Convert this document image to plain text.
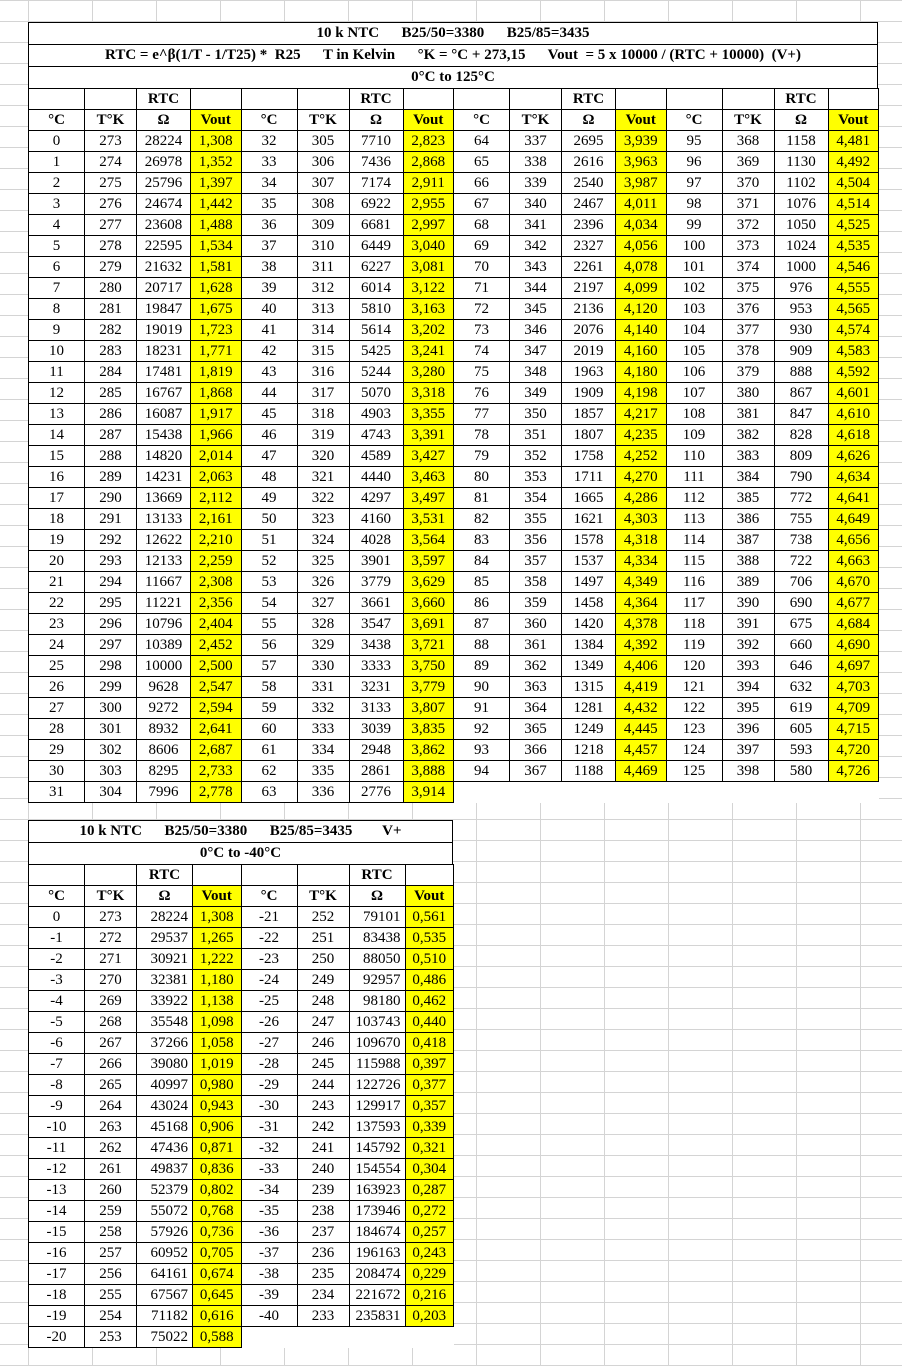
10 k NTC      B25/50=3380      B25/85=3435
RTC = e^β(1/T - 1/T25) *  R25      T in Kelvin      °K = °C + 273,15      Vout  = 5 x 10000 / (RTC + 10000)  (V+)
0°C to 125°C
		RTC				RTC				RTC				RTC	
°C	T°K	Ω	Vout	°C	T°K	Ω	Vout	°C	T°K	Ω	Vout	°C	T°K	Ω	Vout
0	273	28224	1,308	32	305	7710	2,823	64	337	2695	3,939	95	368	1158	4,481
1	274	26978	1,352	33	306	7436	2,868	65	338	2616	3,963	96	369	1130	4,492
2	275	25796	1,397	34	307	7174	2,911	66	339	2540	3,987	97	370	1102	4,504
3	276	24674	1,442	35	308	6922	2,955	67	340	2467	4,011	98	371	1076	4,514
4	277	23608	1,488	36	309	6681	2,997	68	341	2396	4,034	99	372	1050	4,525
5	278	22595	1,534	37	310	6449	3,040	69	342	2327	4,056	100	373	1024	4,535
6	279	21632	1,581	38	311	6227	3,081	70	343	2261	4,078	101	374	1000	4,546
7	280	20717	1,628	39	312	6014	3,122	71	344	2197	4,099	102	375	976	4,555
8	281	19847	1,675	40	313	5810	3,163	72	345	2136	4,120	103	376	953	4,565
9	282	19019	1,723	41	314	5614	3,202	73	346	2076	4,140	104	377	930	4,574
10	283	18231	1,771	42	315	5425	3,241	74	347	2019	4,160	105	378	909	4,583
11	284	17481	1,819	43	316	5244	3,280	75	348	1963	4,180	106	379	888	4,592
12	285	16767	1,868	44	317	5070	3,318	76	349	1909	4,198	107	380	867	4,601
13	286	16087	1,917	45	318	4903	3,355	77	350	1857	4,217	108	381	847	4,610
14	287	15438	1,966	46	319	4743	3,391	78	351	1807	4,235	109	382	828	4,618
15	288	14820	2,014	47	320	4589	3,427	79	352	1758	4,252	110	383	809	4,626
16	289	14231	2,063	48	321	4440	3,463	80	353	1711	4,270	111	384	790	4,634
17	290	13669	2,112	49	322	4297	3,497	81	354	1665	4,286	112	385	772	4,641
18	291	13133	2,161	50	323	4160	3,531	82	355	1621	4,303	113	386	755	4,649
19	292	12622	2,210	51	324	4028	3,564	83	356	1578	4,318	114	387	738	4,656
20	293	12133	2,259	52	325	3901	3,597	84	357	1537	4,334	115	388	722	4,663
21	294	11667	2,308	53	326	3779	3,629	85	358	1497	4,349	116	389	706	4,670
22	295	11221	2,356	54	327	3661	3,660	86	359	1458	4,364	117	390	690	4,677
23	296	10796	2,404	55	328	3547	3,691	87	360	1420	4,378	118	391	675	4,684
24	297	10389	2,452	56	329	3438	3,721	88	361	1384	4,392	119	392	660	4,690
25	298	10000	2,500	57	330	3333	3,750	89	362	1349	4,406	120	393	646	4,697
26	299	9628	2,547	58	331	3231	3,779	90	363	1315	4,419	121	394	632	4,703
27	300	9272	2,594	59	332	3133	3,807	91	364	1281	4,432	122	395	619	4,709
28	301	8932	2,641	60	333	3039	3,835	92	365	1249	4,445	123	396	605	4,715
29	302	8606	2,687	61	334	2948	3,862	93	366	1218	4,457	124	397	593	4,720
30	303	8295	2,733	62	335	2861	3,888	94	367	1188	4,469	125	398	580	4,726
31	304	7996	2,778	63	336	2776	3,914								
10 k NTC      B25/50=3380      B25/85=3435        V+
0°C to -40°C
		RTC				RTC	
°C	T°K	Ω	Vout	°C	T°K	Ω	Vout
0	273	28224	1,308	-21	252	79101	0,561
-1	272	29537	1,265	-22	251	83438	0,535
-2	271	30921	1,222	-23	250	88050	0,510
-3	270	32381	1,180	-24	249	92957	0,486
-4	269	33922	1,138	-25	248	98180	0,462
-5	268	35548	1,098	-26	247	103743	0,440
-6	267	37266	1,058	-27	246	109670	0,418
-7	266	39080	1,019	-28	245	115988	0,397
-8	265	40997	0,980	-29	244	122726	0,377
-9	264	43024	0,943	-30	243	129917	0,357
-10	263	45168	0,906	-31	242	137593	0,339
-11	262	47436	0,871	-32	241	145792	0,321
-12	261	49837	0,836	-33	240	154554	0,304
-13	260	52379	0,802	-34	239	163923	0,287
-14	259	55072	0,768	-35	238	173946	0,272
-15	258	57926	0,736	-36	237	184674	0,257
-16	257	60952	0,705	-37	236	196163	0,243
-17	256	64161	0,674	-38	235	208474	0,229
-18	255	67567	0,645	-39	234	221672	0,216
-19	254	71182	0,616	-40	233	235831	0,203
-20	253	75022	0,588				
